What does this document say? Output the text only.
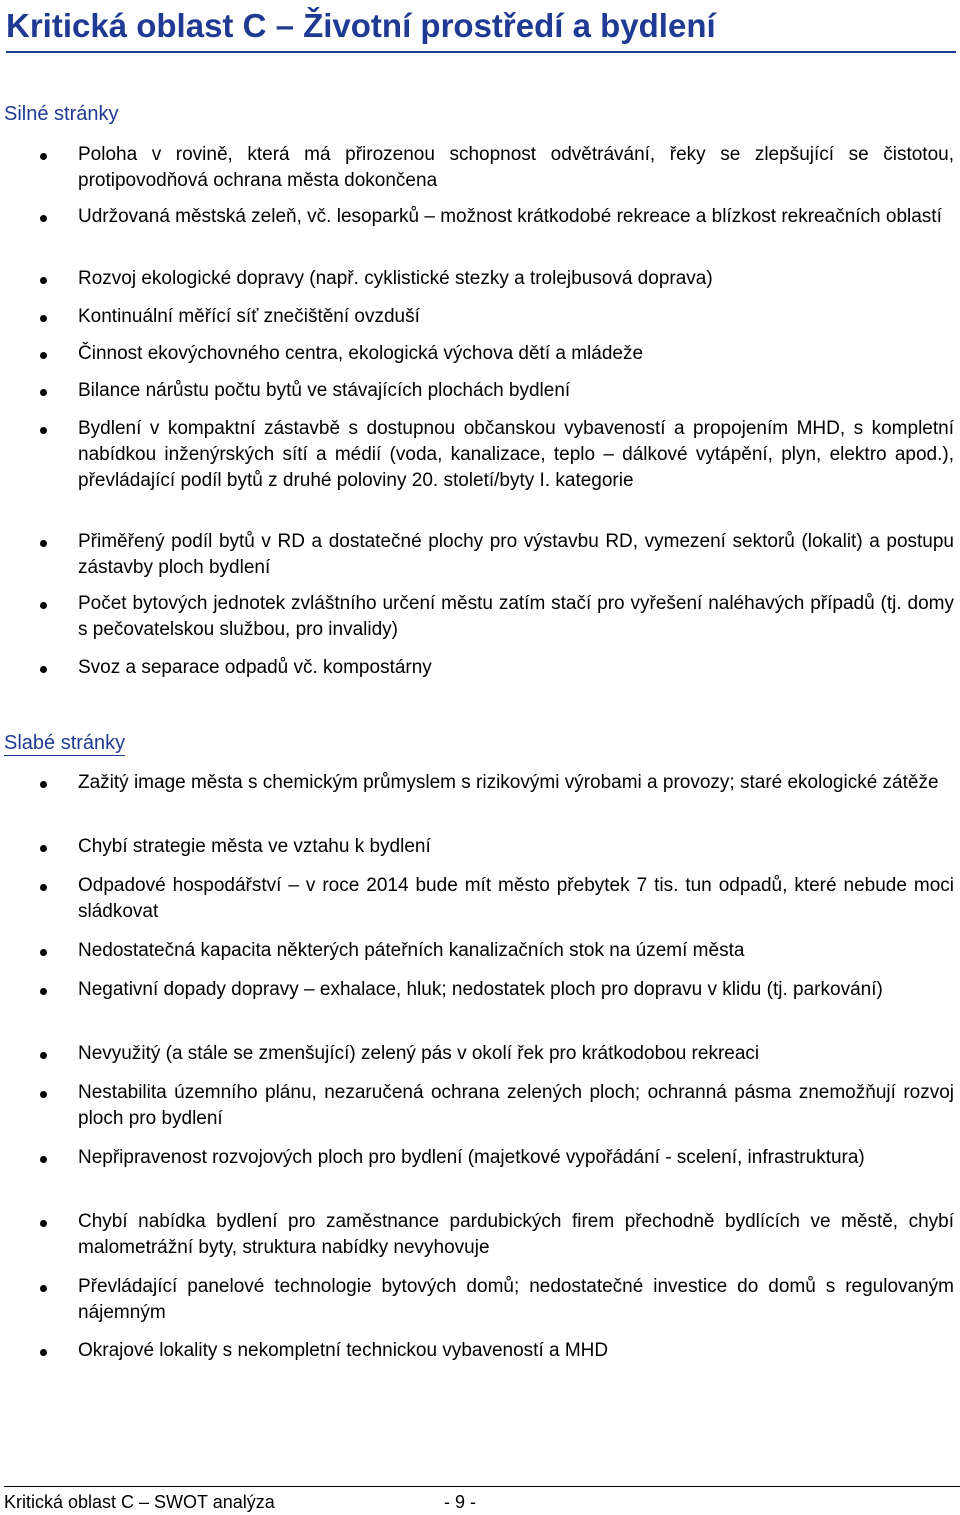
Kritická oblast C – Životní prostředí a bydlení
Silné stránky
Poloha v rovině, která má přirozenou schopnost odvětrávání, řeky se zlepšující se čistotou, protipovodňová ochrana města dokončena
Udržovaná městská zeleň, vč. lesoparků – možnost krátkodobé rekreace a blízkost rekreačních oblastí
Rozvoj ekologické dopravy (např. cyklistické stezky a trolejbusová doprava)
Kontinuální měřící síť znečištění ovzduší
Činnost ekovýchovného centra, ekologická výchova dětí a mládeže
Bilance nárůstu počtu bytů ve stávajících plochách bydlení
Bydlení v kompaktní zástavbě s dostupnou občanskou vybaveností a propojením MHD, s kompletní nabídkou inženýrských sítí a médií (voda, kanalizace, teplo – dálkové vytápění, plyn, elektro apod.), převládající podíl bytů z druhé poloviny 20. století/byty I. kategorie
Přiměřený podíl bytů v RD a dostatečné plochy pro výstavbu RD, vymezení sektorů (lokalit) a postupu zástavby ploch bydlení
Počet bytových jednotek zvláštního určení městu zatím stačí pro vyřešení naléhavých případů (tj. domy s pečovatelskou službou, pro invalidy)
Svoz a separace odpadů vč. kompostárny
Slabé stránky
Zažitý image města s chemickým průmyslem s rizikovými výrobami a provozy; staré ekologické zátěže
Chybí strategie města ve vztahu k bydlení
Odpadové hospodářství – v roce 2014 bude mít město přebytek 7 tis. tun odpadů, které nebude moci sládkovat
Nedostatečná kapacita některých páteřních kanalizačních stok na území města
Negativní dopady dopravy – exhalace, hluk; nedostatek ploch pro dopravu v klidu (tj. parkování)
Nevyužitý (a stále se zmenšující) zelený pás v okolí řek pro krátkodobou rekreaci
Nestabilita územního plánu, nezaručená ochrana zelených ploch; ochranná pásma znemožňují rozvoj ploch pro bydlení
Nepřipravenost rozvojových ploch pro bydlení (majetkové vypořádání - scelení, infrastruktura)
Chybí nabídka bydlení pro zaměstnance pardubických firem přechodně bydlících ve městě, chybí malometrážní byty, struktura nabídky nevyhovuje
Převládající panelové technologie bytových domů; nedostatečné investice do domů s regulovaným nájemným
Okrajové lokality s nekompletní technickou vybaveností a MHD
Kritická oblast C – SWOT analýza	- 9 -
